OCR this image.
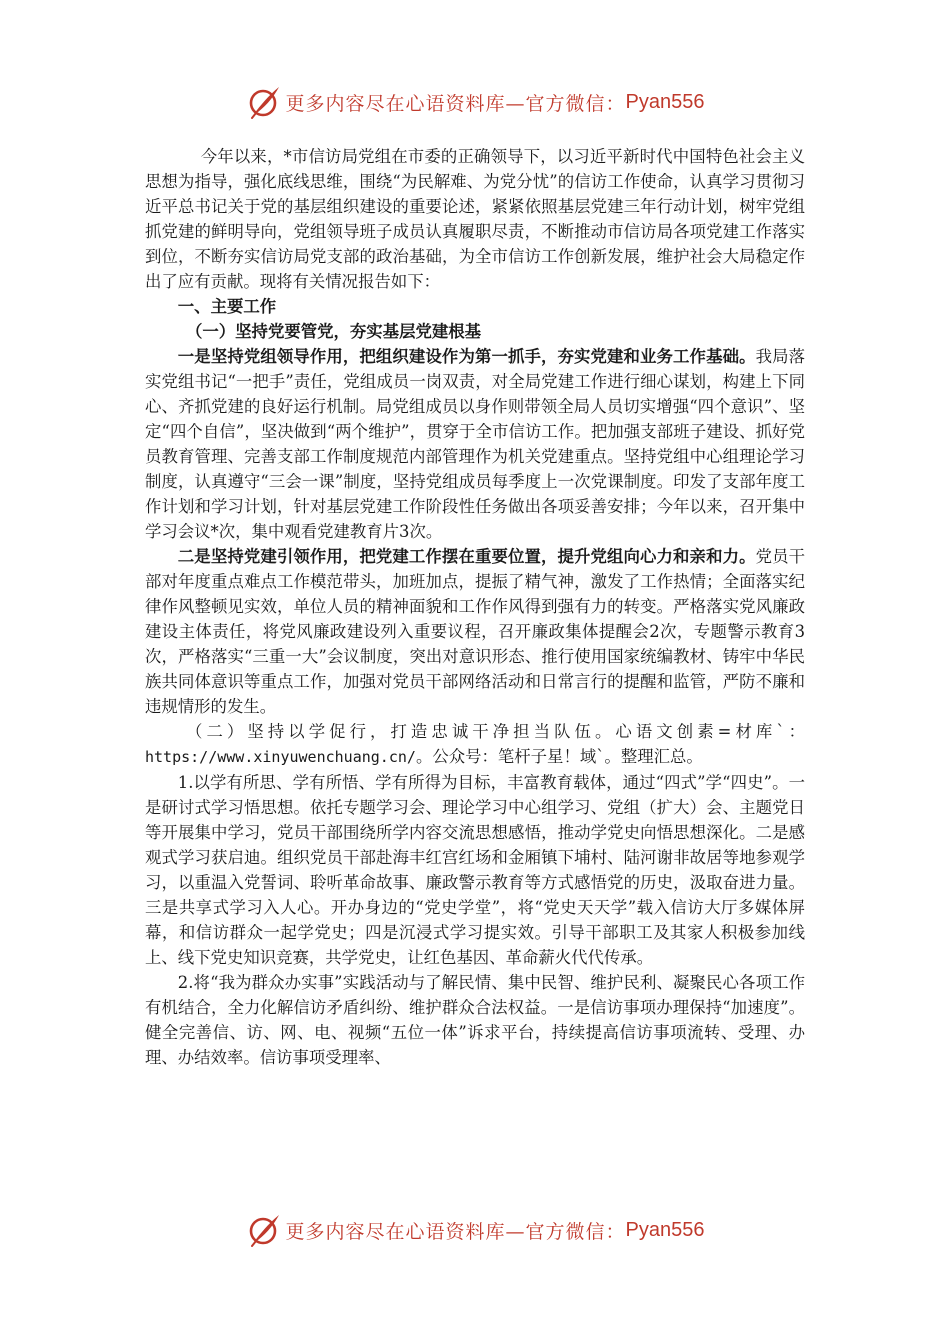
更多内容尽在心语资料库—官方微信： Pyan556

今年以来，*市信访局党组在市委的正确领导下，以习近平新时代中国特色社会主义思想为指导，强化底线思维，围绕“为民解难、为党分忧”的信访工作使命，认真学习贯彻习近平总书记关于党的基层组织建设的重要论述，紧紧依照基层党建三年行动计划，树牢党组抓党建的鲜明导向，党组领导班子成员认真履职尽责，不断推动市信访局各项党建工作落实到位，不断夯实信访局党支部的政治基础，为全市信访工作创新发展，维护社会大局稳定作出了应有贡献。现将有关情况报告如下：

一、主要工作

（一）坚持党要管党，夯实基层党建根基

一是坚持党组领导作用，把组织建设作为第一抓手，夯实党建和业务工作基础。我局落实党组书记“一把手”责任，党组成员一岗双责，对全局党建工作进行细心谋划，构建上下同心、齐抓党建的良好运行机制。局党组成员以身作则带领全局人员切实增强“四个意识”、坚定“四个自信”，坚决做到“两个维护”，贯穿于全市信访工作。把加强支部班子建设、抓好党员教育管理、完善支部工作制度规范内部管理作为机关党建重点。坚持党组中心组理论学习制度，认真遵守“三会一课”制度，坚持党组成员每季度上一次党课制度。印发了支部年度工作计划和学习计划，针对基层党建工作阶段性任务做出各项妥善安排；今年以来，召开集中学习会议*次，集中观看党建教育片3次。

二是坚持党建引领作用，把党建工作摆在重要位置，提升党组向心力和亲和力。党员干部对年度重点难点工作模范带头，加班加点，提振了精气神，激发了工作热情；全面落实纪律作风整顿见实效，单位人员的精神面貌和工作作风得到强有力的转变。严格落实党风廉政建设主体责任，将党风廉政建设列入重要议程，召开廉政集体提醒会2次，专题警示教育3次，严格落实“三重一大”会议制度，突出对意识形态、推行使用国家统编教材、铸牢中华民族共同体意识等重点工作，加强对党员干部网络活动和日常言行的提醒和监管，严防不廉和违规情形的发生。

（二）坚持以学促行，打造忠诚干净担当队伍。心语文创素=材库`：https://www.xinyuwenchuang.cn/。公众号：笔杆子星！域`。整理汇总。

1.以学有所思、学有所悟、学有所得为目标，丰富教育载体，通过“四式”学“四史”。一是研讨式学习悟思想。依托专题学习会、理论学习中心组学习、党组（扩大）会、主题党日等开展集中学习，党员干部围绕所学内容交流思想感悟，推动学党史向悟思想深化。二是感观式学习获启迪。组织党员干部赴海丰红宫红场和金厢镇下埔村、陆河谢非故居等地参观学习，以重温入党誓词、聆听革命故事、廉政警示教育等方式感悟党的历史，汲取奋进力量。三是共享式学习入人心。开办身边的“党史学堂”，将“党史天天学”载入信访大厅多媒体屏幕，和信访群众一起学党史；四是沉浸式学习提实效。引导干部职工及其家人积极参加线上、线下党史知识竞赛，共学党史，让红色基因、革命薪火代代传承。

2.将“我为群众办实事”实践活动与了解民情、集中民智、维护民利、凝聚民心各项工作有机结合，全力化解信访矛盾纠纷、维护群众合法权益。一是信访事项办理保持“加速度”。健全完善信、访、网、电、视频“五位一体”诉求平台，持续提高信访事项流转、受理、办理、办结效率。信访事项受理率、

更多内容尽在心语资料库—官方微信： Pyan556
